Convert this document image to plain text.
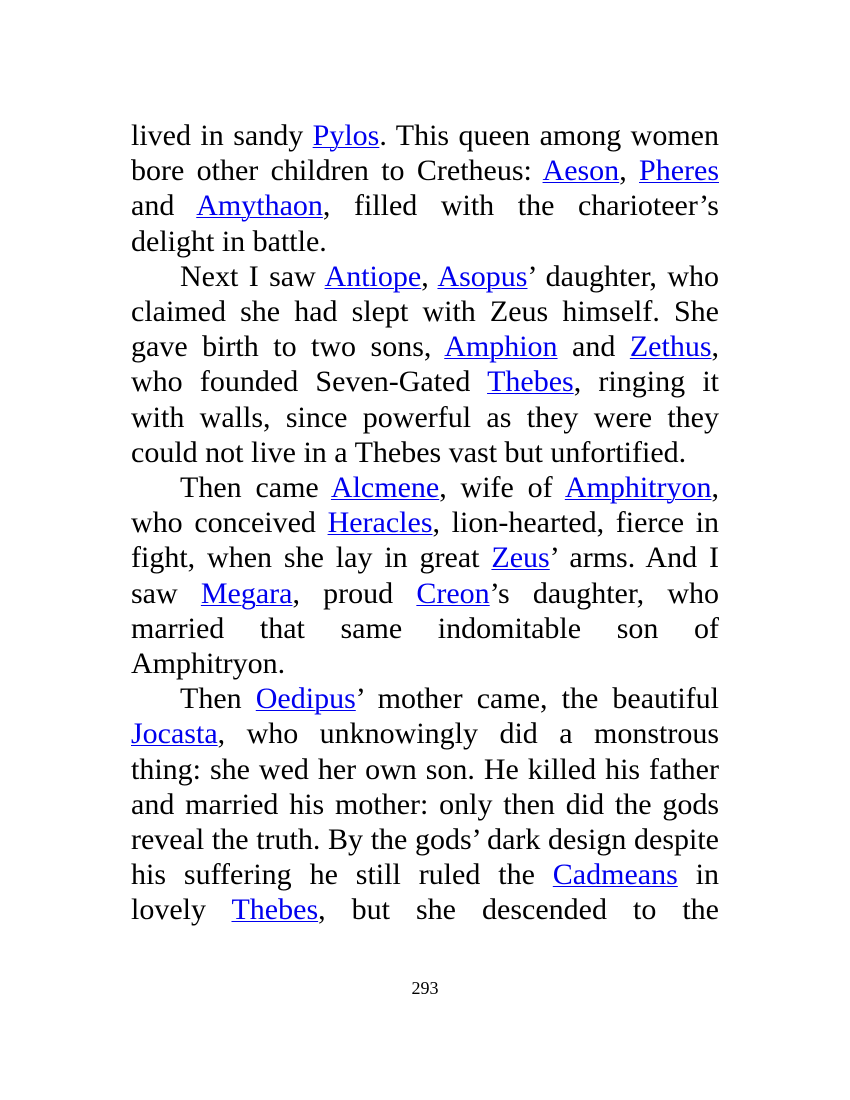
lived in sandy Pylos. This queen among women bore other children to Cretheus: Aeson, Pheres and Amythaon, filled with the charioteer’s delight in battle.

Next I saw Antiope, Asopus’ daughter, who claimed she had slept with Zeus himself. She gave birth to two sons, Amphion and Zethus, who founded Seven-Gated Thebes, ringing it with walls, since powerful as they were they could not live in a Thebes vast but unfortified.

Then came Alcmene, wife of Amphitryon, who conceived Heracles, lion-hearted, fierce in fight, when she lay in great Zeus’ arms. And I saw Megara, proud Creon’s daughter, who married that same indomitable son of Amphitryon.

Then Oedipus’ mother came, the beautiful Jocasta, who unknowingly did a monstrous thing: she wed her own son. He killed his father and married his mother: only then did the gods reveal the truth. By the gods’ dark design despite his suffering he still ruled the Cadmeans in lovely Thebes, but she descended to the

293
